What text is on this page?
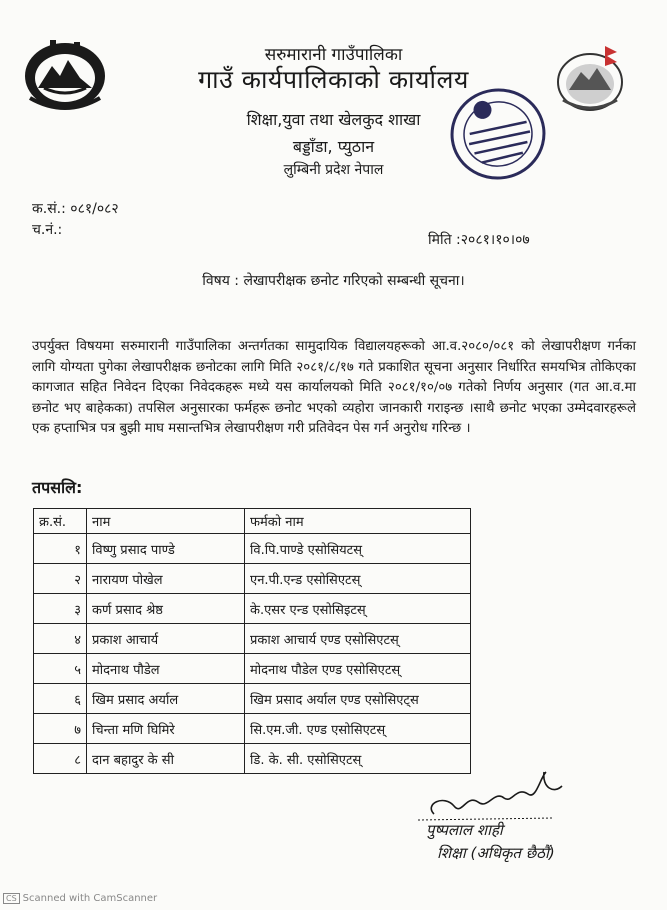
सरुमारानी गाउँपालिका
गाउँ कार्यपालिकाको कार्यालय
शिक्षा,युवा तथा खेलकुद शाखा
बड्डाँडा, प्युठान
लुम्बिनी प्रदेश नेपाल
क.सं.: ०८१/०८२
च.नं.:
मिति :२०८१।१०।०७
विषय : लेखापरीक्षक छनोट गरिएको सम्बन्धी सूचना।
उपर्युक्त विषयमा सरुमारानी गाउँपालिका अन्तर्गतका सामुदायिक विद्यालयहरूको आ.व.२०८०/०८१ को लेखापरीक्षण गर्नका लागि योग्यता पुगेका लेखापरीक्षक छनोटका लागि मिति २०८१/८/१७ गते प्रकाशित सूचना अनुसार निर्धारित समयभित्र तोकिएका कागजात सहित निवेदन दिएका निवेदकहरू मध्ये यस कार्यालयको मिति २०८१/१०/०७ गतेको निर्णय अनुसार (गत आ.व.मा छनोट भए बाहेकका) तपसिल अनुसारका फर्महरू छनोट भएको व्यहोरा जानकारी गराइन्छ ।साथै छनोट भएका उम्मेदवारहरूले एक हप्ताभित्र पत्र बुझी माघ मसान्तभित्र लेखापरीक्षण गरी प्रतिवेदन पेस गर्न अनुरोध गरिन्छ ।
तपसलि:
क्र.सं.	नाम	फर्मको नाम
१	विष्णु प्रसाद पाण्डे	वि.पि.पाण्डे एसोसियटस्
२	नारायण पोखेल	एन.पी.एन्ड एसोसिएटस्
३	कर्ण प्रसाद श्रेष्ठ	के.एसर एन्ड एसोसिइटस्
४	प्रकाश आचार्य	प्रकाश आचार्य एण्ड एसोसिएटस्
५	मोदनाथ पौडेल	मोदनाथ पौडेल एण्ड एसोसिएटस्
६	खिम प्रसाद अर्याल	खिम प्रसाद अर्याल एण्ड एसोसिएट्स
७	चिन्ता मणि घिमिरे	सि.एम.जी. एण्ड एसोसिएटस्
८	दान बहादुर के सी	डि. के. सी. एसोसिएटस्
पुष्पलाल शाही
शिक्षा (अधिकृत छैठौं)
CS Scanned with CamScanner
